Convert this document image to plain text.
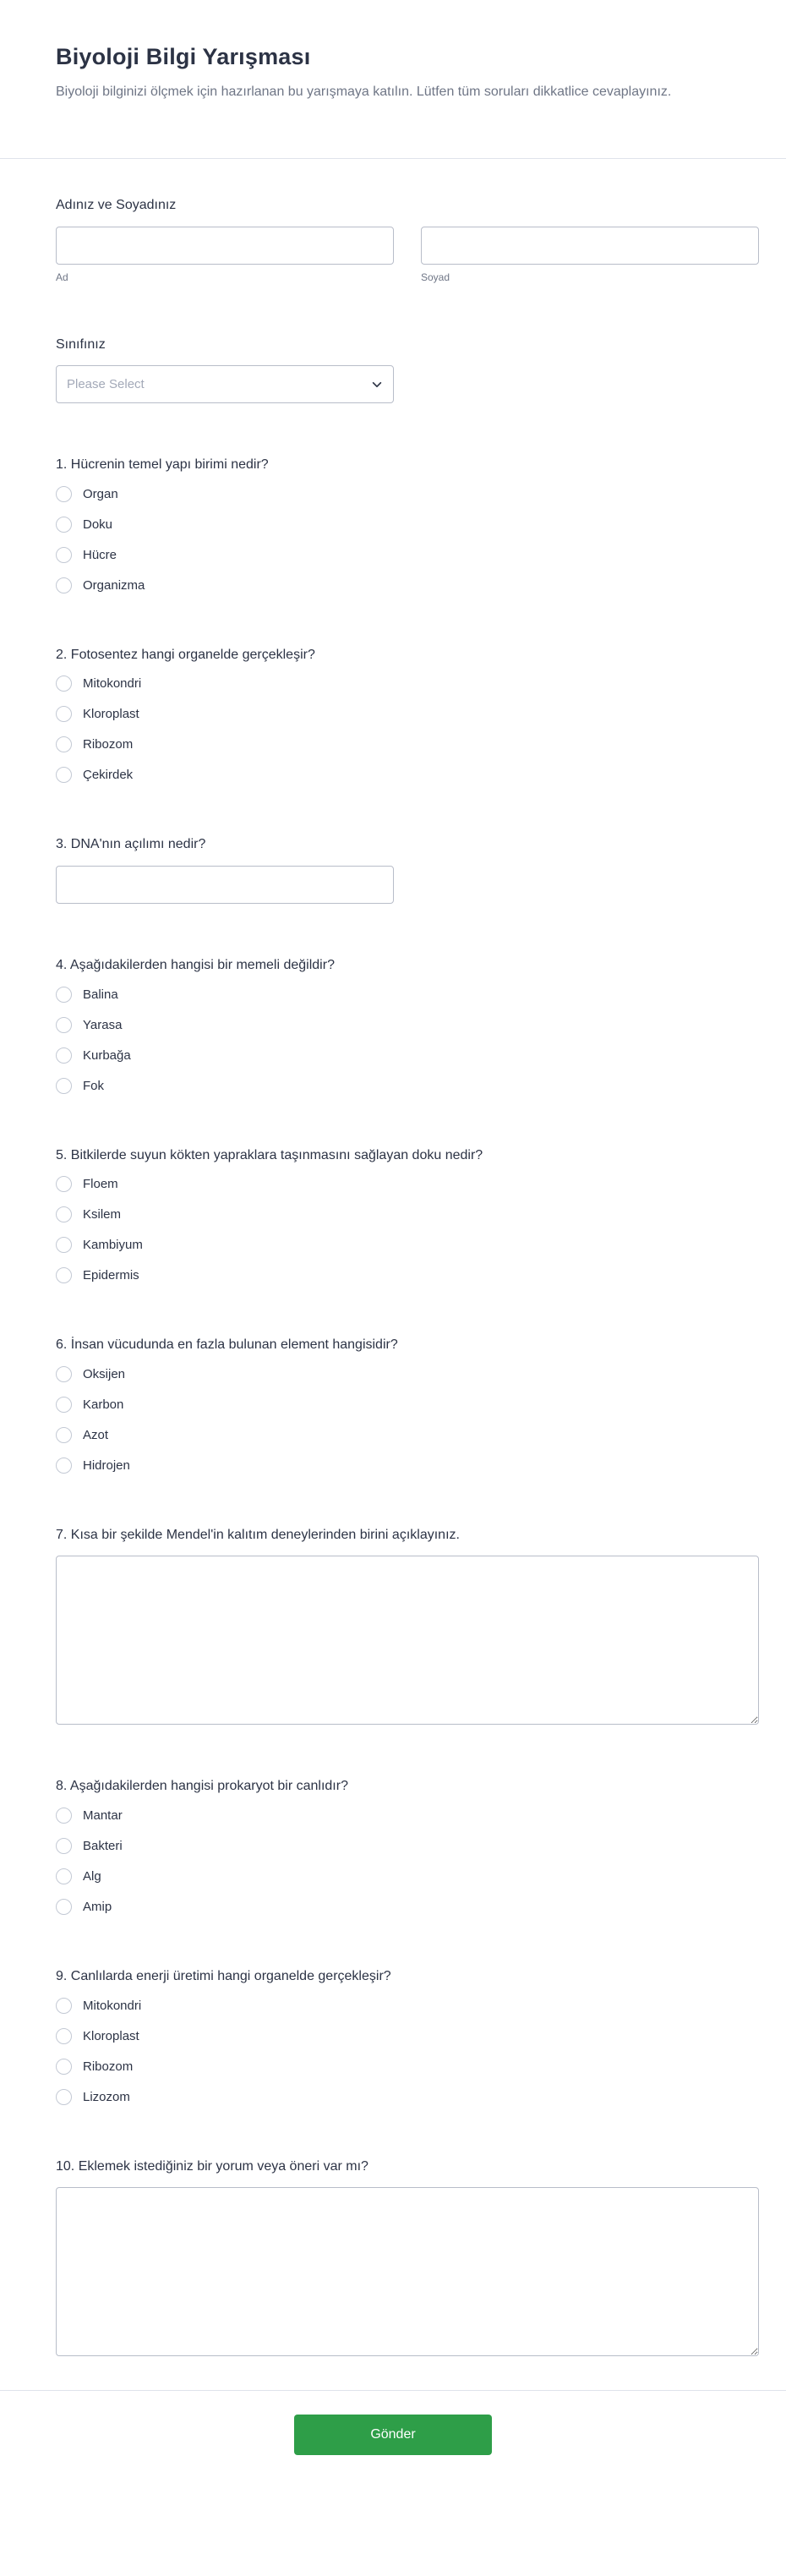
Biyoloji Bilgi Yarışması

Biyoloji bilginizi ölçmek için hazırlanan bu yarışmaya katılın. Lütfen tüm soruları dikkatlice cevaplayınız.

Adınız ve Soyadınız
Ad	Soyad
Sınıfınız
Please Select
1. Hücrenin temel yapı birimi nedir?
Organ
Doku
Hücre
Organizma
2. Fotosentez hangi organelde gerçekleşir?
Mitokondri
Kloroplast
Ribozom
Çekirdek
3. DNA'nın açılımı nedir?
4. Aşağıdakilerden hangisi bir memeli değildir?
Balina
Yarasa
Kurbağa
Fok
5. Bitkilerde suyun kökten yapraklara taşınmasını sağlayan doku nedir?
Floem
Ksilem
Kambiyum
Epidermis
6. İnsan vücudunda en fazla bulunan element hangisidir?
Oksijen
Karbon
Azot
Hidrojen
7. Kısa bir şekilde Mendel'in kalıtım deneylerinden birini açıklayınız.
8. Aşağıdakilerden hangisi prokaryot bir canlıdır?
Mantar
Bakteri
Alg
Amip
9. Canlılarda enerji üretimi hangi organelde gerçekleşir?
Mitokondri
Kloroplast
Ribozom
Lizozom
10. Eklemek istediğiniz bir yorum veya öneri var mı?
Gönder
